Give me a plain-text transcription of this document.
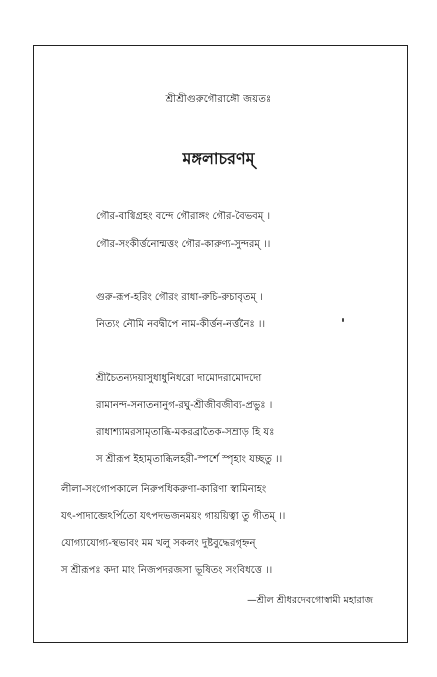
শ্রীশ্রীগুরুগৌরাঙ্গৌ জয়তঃ
মঙ্গলাচরণম্
গৌর-বাগ্বিগ্রহং বন্দে গৌরাঙ্গং গৌর-বৈভবম্ ।
গৌর-সংকীর্ত্তনোন্মত্তং গৌর-কারুণ্য-সুন্দরম্ ।।
গুরু-রূপ-হরিং গৌরং রাধা-রুচি-রুচাবৃতম্ ।
নিত্যং নৌমি নবদ্বীপে নাম-কীর্ত্তন-নর্ত্তনৈঃ ।।
শ্রীচৈতন্যদয়াসুধাধুনিধরো দামোদরামোদদো
রামানন্দ-সনাতনানুগ-রঘু-শ্রীজীবজীব্য-প্রভুঃ ।
রাধাশ্যামরসামৃতাব্ধি-মকরব্রাতৈক-সম্রাড় হি যঃ
স শ্রীরূপ ইহামৃতাব্ধিলহরী-স্পর্শে স্পৃহাং যচ্ছতু ।।
লীলা-সংগোপকালে নিরুপধিকরুণা-কারিণা স্বামিনাহং
যৎ-পাদাব্জেঽর্পিতো যৎপদভজনময়ং গায়য়িত্বা তু গীতম্ ।।
যোগ্যাযোগ্য-স্থভাবং মম খলু সকলং দুষ্টবুদ্ধেরগৃহ্নন্
স শ্রীরূপঃ কদা মাং নিজপদরজসা ভূষিতং সংবিধত্তে ।।
—শ্রীল শ্রীধরদেবগোস্বামী মহারাজ
